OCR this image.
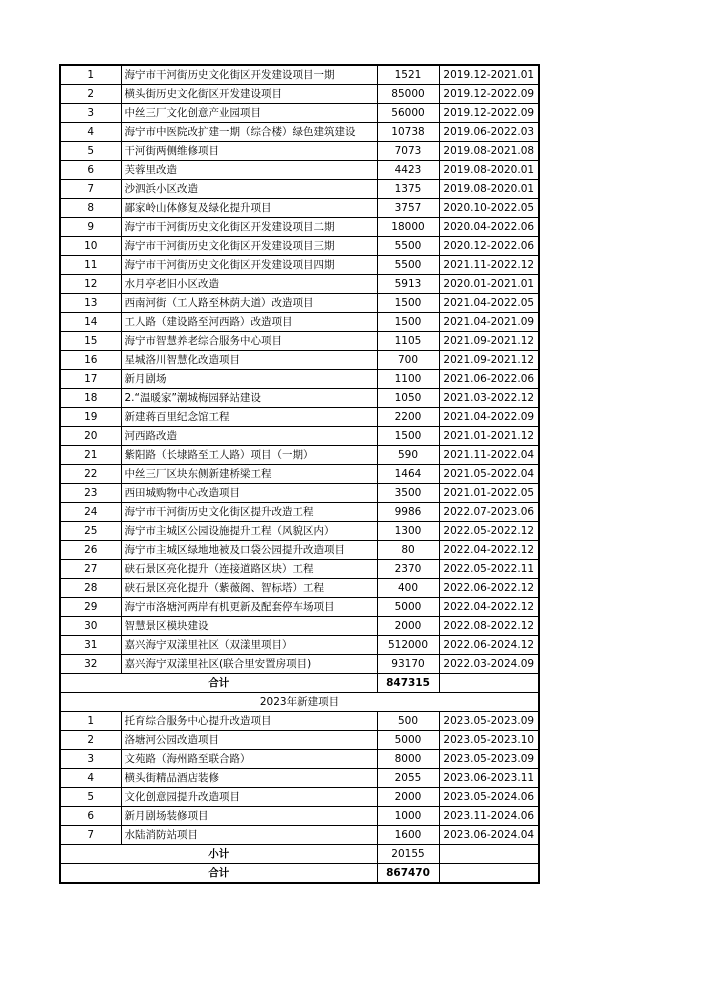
1	海宁市干河街历史文化街区开发建设项目一期	1521	2019.12-2021.01
2	横头街历史文化街区开发建设项目	85000	2019.12-2022.09
3	中丝三厂文化创意产业园项目	56000	2019.12-2022.09
4	海宁市中医院改扩建一期（综合楼）绿色建筑建设	10738	2019.06-2022.03
5	干河街两侧维修项目	7073	2019.08-2021.08
6	芙蓉里改造	4423	2019.08-2020.01
7	沙泗浜小区改造	1375	2019.08-2020.01
8	鄙家岭山体修复及绿化提升项目	3757	2020.10-2022.05
9	海宁市干河街历史文化街区开发建设项目二期	18000	2020.04-2022.06
10	海宁市干河街历史文化街区开发建设项目三期	5500	2020.12-2022.06
11	海宁市干河街历史文化街区开发建设项目四期	5500	2021.11-2022.12
12	水月亭老旧小区改造	5913	2020.01-2021.01
13	西南河街（工人路至林荫大道）改造项目	1500	2021.04-2022.05
14	工人路（建设路至河西路）改造项目	1500	2021.04-2021.09
15	海宁市智慧养老综合服务中心项目	1105	2021.09-2021.12
16	星城洛川智慧化改造项目	700	2021.09-2021.12
17	新月剧场	1100	2021.06-2022.06
18	2.“温暖家”潮城梅园驿站建设	1050	2021.03-2022.12
19	新建蒋百里纪念馆工程	2200	2021.04-2022.09
20	河西路改造	1500	2021.01-2021.12
21	紫阳路（长埭路至工人路）项目（一期）	590	2021.11-2022.04
22	中丝三厂区块东侧新建桥梁工程	1464	2021.05-2022.04
23	西田城购物中心改造项目	3500	2021.01-2022.05
24	海宁市干河街历史文化街区提升改造工程	9986	2022.07-2023.06
25	海宁市主城区公园设施提升工程（风貌区内）	1300	2022.05-2022.12
26	海宁市主城区绿地地被及口袋公园提升改造项目	80	2022.04-2022.12
27	硖石景区亮化提升（连接道路区块）工程	2370	2022.05-2022.11
28	硖石景区亮化提升（紫薇阁、智标塔）工程	400	2022.06-2022.12
29	海宁市洛塘河两岸有机更新及配套停车场项目	5000	2022.04-2022.12
30	智慧景区模块建设	2000	2022.08-2022.12
31	嘉兴海宁双漾里社区（双漾里项目）	512000	2022.06-2024.12
32	嘉兴海宁双漾里社区(联合里安置房项目)	93170	2022.03-2024.09
合计		847315	
2023年新建项目			
1	托育综合服务中心提升改造项目	500	2023.05-2023.09
2	洛塘河公园改造项目	5000	2023.05-2023.10
3	文苑路（海州路至联合路）	8000	2023.05-2023.09
4	横头街精品酒店装修	2055	2023.06-2023.11
5	文化创意园提升改造项目	2000	2023.05-2024.06
6	新月剧场装修项目	1000	2023.11-2024.06
7	水陆消防站项目	1600	2023.06-2024.04
小计		20155	
合计		867470	
